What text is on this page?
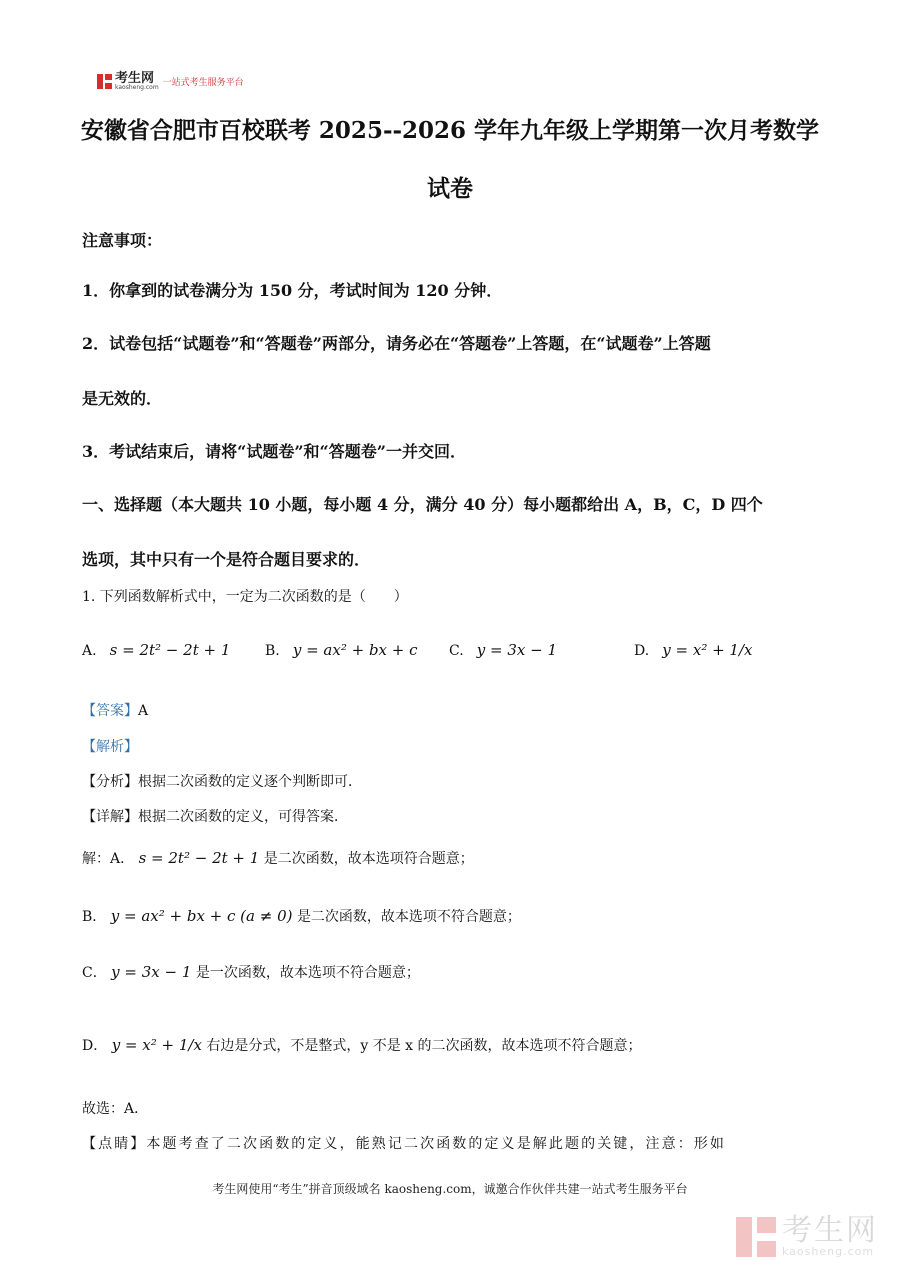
考生网
kaosheng.com 一站式考生服务平台
安徽省合肥市百校联考 2025--2026 学年九年级上学期第一次月考数学
试卷
注意事项：
1．你拿到的试卷满分为 150 分，考试时间为 120 分钟．
2．试卷包括“试题卷”和“答题卷”两部分，请务必在“答题卷”上答题，在“试题卷”上答题
是无效的．
3．考试结束后，请将“试题卷”和“答题卷”一并交回．
一、选择题（本大题共 10 小题，每小题 4 分，满分 40 分）每小题都给出 A，B，C，D 四个
选项，其中只有一个是符合题目要求的．
1. 下列函数解析式中，一定为二次函数的是（　　）
A. s = 2t² − 2t + 1 B. y = ax² + bx + c C. y = 3x − 1	D. y = x² + 1/x
【答案】A
【解析】
【分析】根据二次函数的定义逐个判断即可．
【详解】根据二次函数的定义，可得答案．
解：A． s = 2t² − 2t + 1 是二次函数，故本选项符合题意；
B． y = ax² + bx + c (a ≠ 0) 是二次函数，故本选项不符合题意；
C． y = 3x − 1 是一次函数，故本选项不符合题意；
D． y = x² + 1/x 右边是分式，不是整式，y 不是 x 的二次函数，故本选项不符合题意；
故选：A．
【点睛】本题考查了二次函数的定义，能熟记二次函数的定义是解此题的关键，注意：形如
考生网使用“考生”拼音顶级域名 kaosheng.com，诚邀合作伙伴共建一站式考生服务平台
考生网
kaosheng.com
